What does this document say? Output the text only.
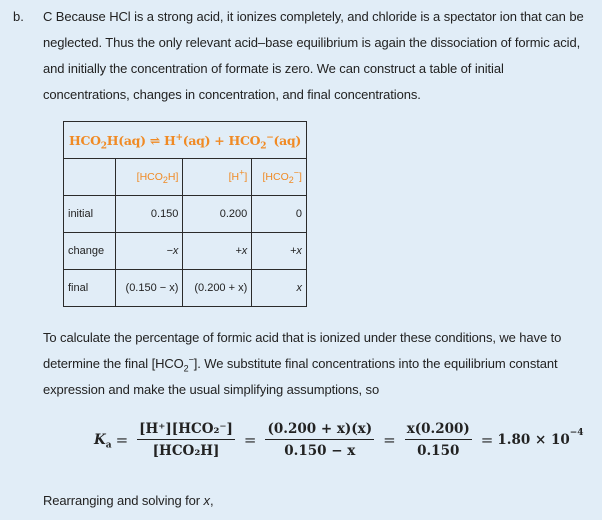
b. C Because HCl is a strong acid, it ionizes completely, and chloride is a spectator ion that can be neglected. Thus the only relevant acid–base equilibrium is again the dissociation of formic acid, and initially the concentration of formate is zero. We can construct a table of initial concentrations, changes in concentration, and final concentrations.
$HCO_2H(aq)$ ⇌ $H^+(aq) + HCO_2^-(aq)$			
	$[HCO_2H]$	[H+]	$[HCO_2^-]$
initial	0.150	0.200	0
change	−x	+x	+x
final	(0.150 − x)	(0.200 + x)	x
To calculate the percentage of formic acid that is ionized under these conditions, we have to determine the final $[HCO_2^-]$. We substitute final concentrations into the equilibrium constant expression and make the usual simplifying assumptions, so
$K_a = \frac{\text{[H⁺][HCO₂⁻]}}{\text{[HCO₂H]}} = \frac{(0.200 + x)(x)}{0.150 - x} = \frac{x(0.200)}{0.150} = 1.80 \times 10^{-4}$
Rearranging and solving for x,
